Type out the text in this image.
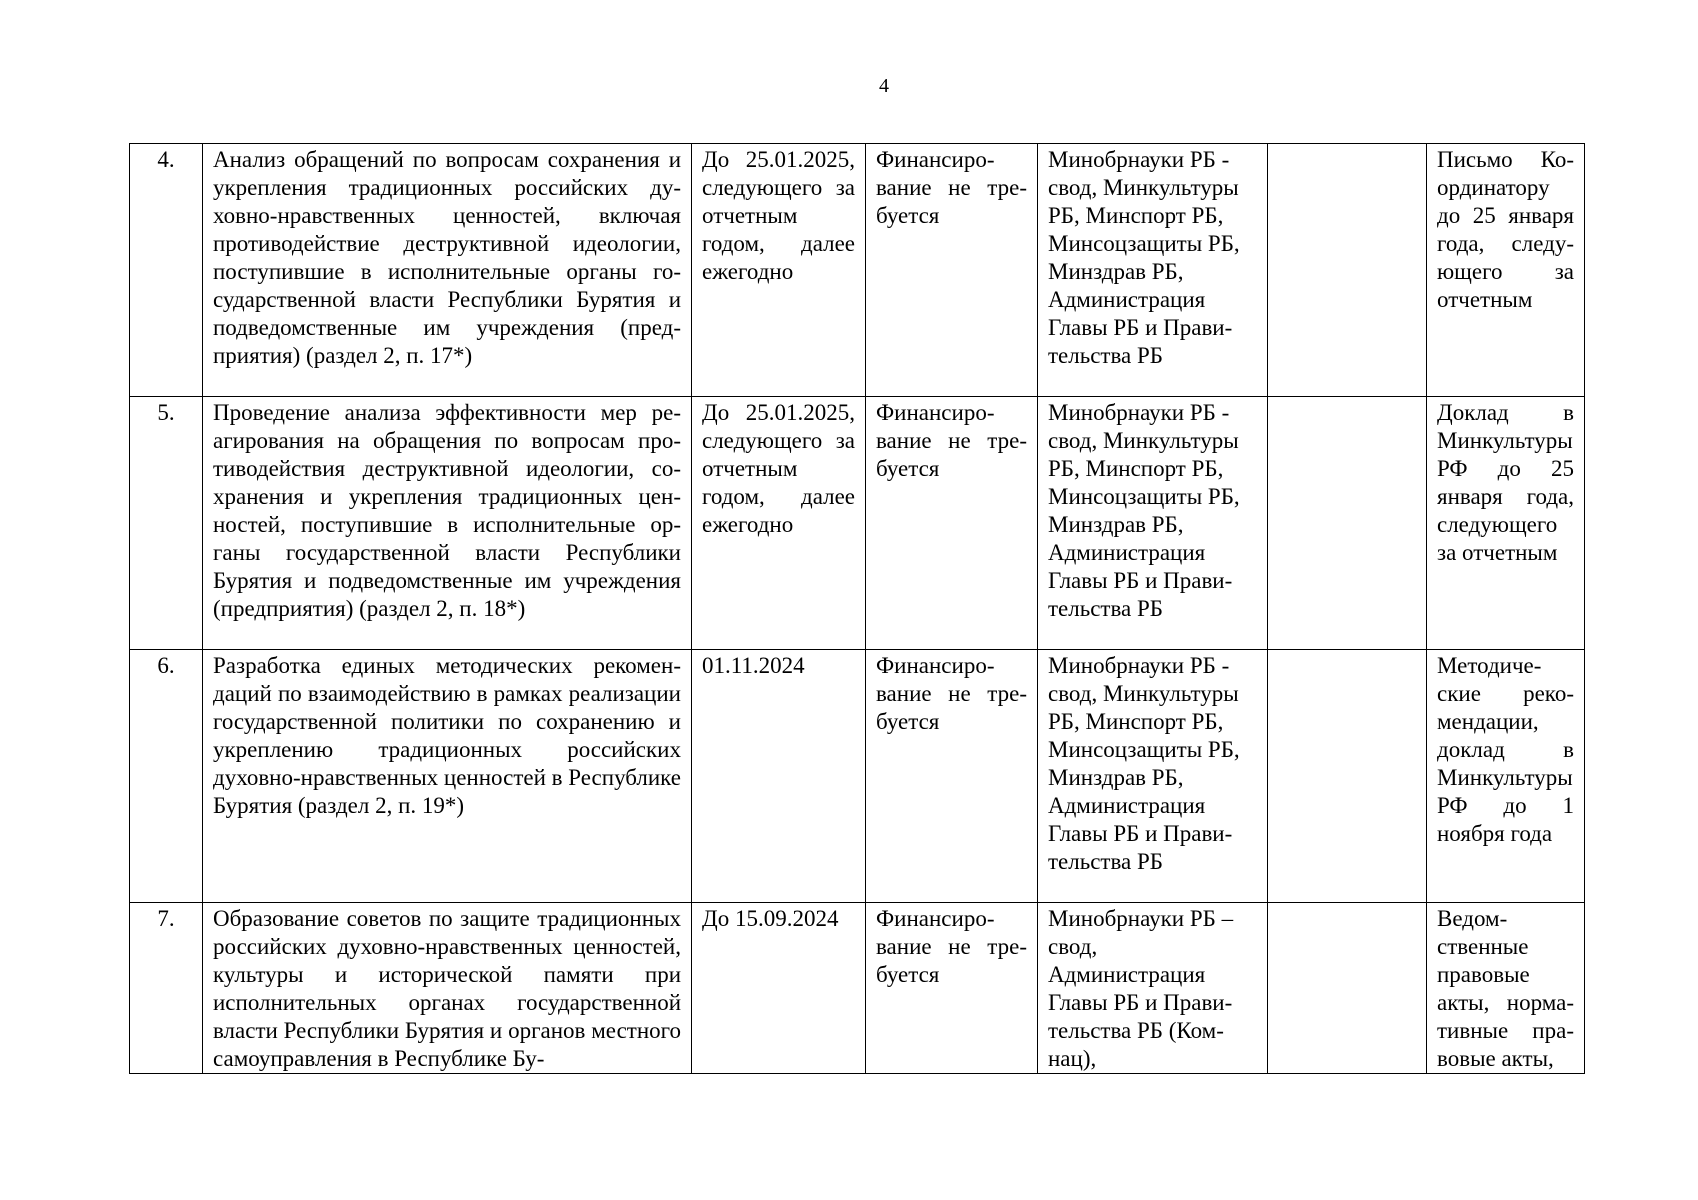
4
4.	Анализ обращений по вопросам сохранения и укрепления традиционных российских духовно-нравственных ценностей, включая противодействие деструктивной идеологии, поступившие в исполнительные органы государственной власти Республики Бурятия и подведомственные им учреждения (предприятия) (раздел 2, п. 17*)	До 25.01.2025, следующего за отчетным годом, далее ежегодно	Финансирование не требуется	Минобрнауки РБ - свод, Минкультуры РБ, Минспорт РБ, Минсоцзащиты РБ, Минздрав РБ, Администрация Главы РБ и Правительства РБ		Письмо Координатору до 25 января года, следующего за отчетным
5.	Проведение анализа эффективности мер реагирования на обращения по вопросам противодействия деструктивной идеологии, сохранения и укрепления традиционных ценностей, поступившие в исполнительные органы государственной власти Республики Бурятия и подведомственные им учреждения (предприятия) (раздел 2, п. 18*)	До 25.01.2025, следующего за отчетным годом, далее ежегодно	Финансирование не требуется	Минобрнауки РБ - свод, Минкультуры РБ, Минспорт РБ, Минсоцзащиты РБ, Минздрав РБ, Администрация Главы РБ и Правительства РБ		Доклад в Минкультуры РФ до 25 января года, следующего за отчетным
6.	Разработка единых методических рекомендаций по взаимодействию в рамках реализации государственной политики по сохранению и укреплению традиционных российских духовно-нравственных ценностей в Республике Бурятия (раздел 2, п. 19*)	01.11.2024	Финансирование не требуется	Минобрнауки РБ - свод, Минкультуры РБ, Минспорт РБ, Минсоцзащиты РБ, Минздрав РБ, Администрация Главы РБ и Правительства РБ		Методические рекомендации, доклад в Минкультуры РФ до 1 ноября года
7.	Образование советов по защите традиционных российских духовно-нравственных ценностей, культуры и исторической памяти при исполнительных органах государственной власти Республики Бурятия и органов местного самоуправления в Республике Бу-	До 15.09.2024	Финансирование не требуется	Минобрнауки РБ – свод, Администрация Главы РБ и Правительства РБ (Комнац),		Ведомственные правовые акты, нормативные правовые акты,
